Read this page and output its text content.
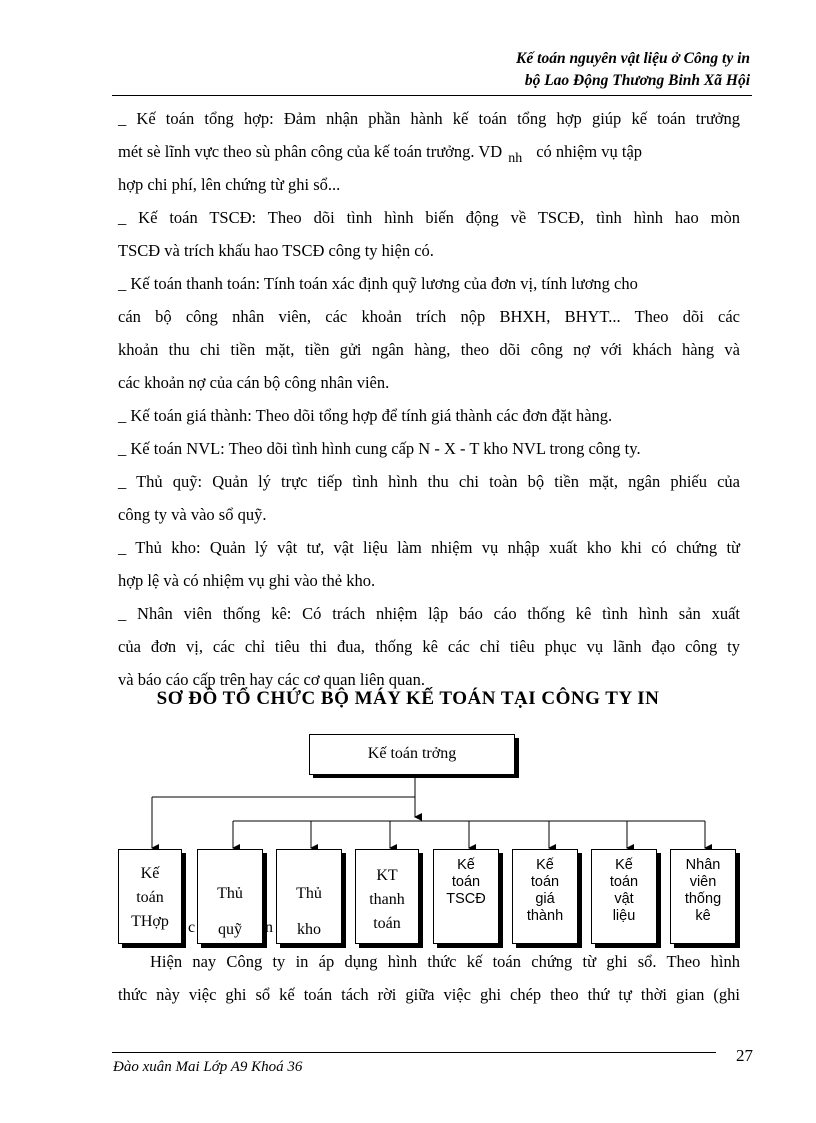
Kế toán nguyên vật liệu ở Công ty in
bộ Lao Động Thương Binh Xã Hội
_ Kế toán tổng hợp: Đảm nhận phần hành kế toán tổng hợp giúp kế toán trưởng
mét sè lĩnh vực theo sù phân công của kế toán trưởng. VD $_{nh}$ có nhiệm vụ tập
hợp chi phí, lên chứng từ ghi sổ...
_ Kế toán TSCĐ: Theo dõi tình hình biến động về TSCĐ, tình hình hao mòn
TSCĐ và trích khấu hao TSCĐ công ty hiện có.
_ Kế toán thanh toán: Tính toán xác định quỹ lương của đơn vị, tính lương cho
cán bộ công nhân viên, các khoản trích nộp BHXH, BHYT... Theo dõi các
khoản thu chi tiền mặt, tiền gửi ngân hàng, theo dõi công nợ với khách hàng và
các khoản nợ của cán bộ công nhân viên.
_ Kế toán giá thành: Theo dõi tổng hợp để tính giá thành các đơn đặt hàng.
_ Kế toán NVL: Theo dõi tình hình cung cấp N - X - T kho NVL trong công ty.
_ Thủ quỹ: Quản lý trực tiếp tình hình thu chi toàn bộ tiền mặt, ngân phiếu của
công ty và vào sổ quỹ.
_ Thủ kho: Quản lý vật tư, vật liệu làm nhiệm vụ nhập xuất kho khi có chứng từ
hợp lệ và có nhiệm vụ ghi vào thẻ kho.
_ Nhân viên thống kê: Có trách nhiệm lập báo cáo thống kê tình hình sản xuất
của đơn vị, các chỉ tiêu thi đua, thống kê các chỉ tiêu phục vụ lãnh đạo công ty
và báo cáo cấp trên hay các cơ quan liên quan.
SƠ ĐỒ TỔ CHỨC BỘ MÁY KẾ TOÁN TẠI CÔNG TY IN
Kế toán trởng
Kế
toán
THợp
Thủ
quỹ
Thủ
kho
KT
thanh
toán
Kế
toán
TSCĐ
Kế
toán
giá
thành
Kế
toán
vật
liệu
Nhân
viên
thống
kê
c	n
Hiện nay Công ty in áp dụng hình thức kế toán chứng từ ghi sổ. Theo hình
thức này việc ghi sổ kế toán tách rời giữa việc ghi chép theo thứ tự thời gian (ghi
Đào xuân Mai Lớp A9 Khoá 36
27
